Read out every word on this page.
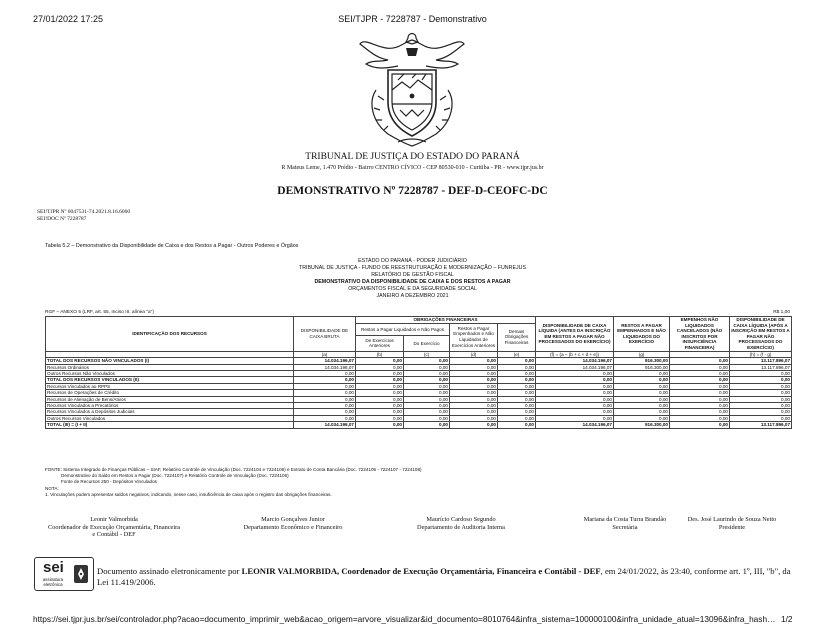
27/01/2022 17:25	SEI/TJPR - 7228787 - Demonstrativo
TRIBUNAL DE JUSTIÇA DO ESTADO DO PARANÁ
R Mateus Leme, 1.470 Prédio - Bairro CENTRO CÍVICO - CEP 80530-010 - Curitiba - PR - www.tjpr.jus.br
DEMONSTRATIVO Nº 7228787 - DEF-D-CEOFC-DC
SEI!TJPR Nº 0047531-74.2021.8.16.6000
SEI!DOC Nº 7228787
Tabela 5.2 – Demonstrativo da Disponibilidade de Caixa e dos Restos a Pagar - Outros Poderes e Órgãos
ESTADO DO PARANÁ - PODER JUDICIÁRIO
TRIBUNAL DE JUSTIÇA - FUNDO DE REESTRUTURAÇÃO E MODERNIZAÇÃO – FUNREJUS
RELATÓRIO DE GESTÃO FISCAL
DEMONSTRATIVO DA DISPONIBILIDADE DE CAIXA E DOS RESTOS A PAGAR
ORÇAMENTOS FISCAL E DA SEGURIDADE SOCIAL
JANEIRO A DEZEMBRO 2021
RGF – ANEXO 5 (LRF, art. 55, Inciso III, alínea "a")	R$ 1,00
IDENTIFICAÇÃO DOS RECURSOS	DISPONIBILIDADE DE CAIXA BRUTA	OBRIGAÇÕES FINANCEIRAS				DISPONIBILIDADE DE CAIXA LÍQUIDA (ANTES DA INSCRIÇÃO EM RESTOS A PAGAR NÃO PROCESSADOS DO EXERCÍCIO)	RESTOS A PAGAR EMPENHADOS E NÃO LIQUIDADOS DO EXERCÍCIO	EMPENHOS NÃO LIQUIDADOS CANCELADOS (NÃO INSCRITOS POR INSUFICIÊNCIA FINANCEIRA)	DISPONIBILIDADE DE CAIXA LÍQUIDA (APÓS A INSCRIÇÃO EM RESTOS A PAGAR NÃO PROCESSADOS DO EXERCÍCIO)
		Restos a Pagar Liquidados e Não Pagos		Restos a Pagar Empenhados e Não Liquidados de Exercícios Anteriores	Demais Obrigações Financeiras				
		De Exercícios Anteriores	Do Exercício						
	(a)	(b)	(c)	(d)	(e)	(f) = (a – (b + c + d + e))	(g)		(h) = (f - g)
TOTAL DOS RECURSOS NÃO VINCULADOS (I)	14.034.196,07	0,00	0,00	0,00	0,00	14.034.196,07	916.300,00	0,00	13.117.896,07
Recursos Ordinários	14.034.196,07	0,00	0,00	0,00	0,00	14.034.196,07	916.300,00	0,00	13.117.896,07
Outros Recursos Não Vinculados	0,00	0,00	0,00	0,00	0,00	0,00	0,00	0,00	0,00
TOTAL DOS RECURSOS VINCULADOS (II)	0,00	0,00	0,00	0,00	0,00	0,00	0,00	0,00	0,00
Recursos Vinculados ao RPPS	0,00	0,00	0,00	0,00	0,00	0,00	0,00	0,00	0,00
Recursos de Operações de Crédito	0,00	0,00	0,00	0,00	0,00	0,00	0,00	0,00	0,00
Recursos de Alienação de Bens/Ativos	0,00	0,00	0,00	0,00	0,00	0,00	0,00	0,00	0,00
Recursos Vinculados a Precatórios	0,00	0,00	0,00	0,00	0,00	0,00	0,00	0,00	0,00
Recursos Vinculados a Depósitos Judiciais	0,00	0,00	0,00	0,00	0,00	0,00	0,00	0,00	0,00
Outros Recursos Vinculados	0,00	0,00	0,00	0,00	0,00	0,00	0,00	0,00	0,00
TOTAL (III) = (I + II)	14.034.196,07	0,00	0,00	0,00	0,00	14.034.196,07	916.300,00	0,00	13.117.896,07
FONTE: Sistema Integrado de Finanças Públicas – SIAF, Relatório Controle de Vinculação (Doc. 7224104 e 7224106) e Extrato de Conta Bancária (Doc. 7224105 - 7224107 - 7224108)
Demonstrativo do Saldo em Restos a Pagar (Doc. 7224107) e Relatório Controle de Vinculação (Doc. 7224106)
Fonte de Recursos 250 - Depósitos Vinculados
NOTA:
1. Vinculações podem apresentar saldos negativos, indicando, nesse caso, insuficiência de caixa após o registro das obrigações financeiras.
Leonir Valmorbida
Coordenador de Execução Orçamentária, Financeira e Contábil - DEF
Marcio Gonçalves Junior
Departamento Econômico e Financeiro
Maurício Cardoso Segundo
Departamento de Auditoria Interna
Mariana da Costa Turra Brandão
Secretária
Des. José Laurindo de Souza Netto
Presidente
sei
assinatura eletrônica
Documento assinado eletronicamente por LEONIR VALMORBIDA, Coordenador de Execução Orçamentária, Financeira e Contábil - DEF, em 24/01/2022, às 23:40, conforme art. 1º, III, "b", da Lei 11.419/2006.
https://sei.tjpr.jus.br/sei/controlador.php?acao=documento_imprimir_web&acao_origem=arvore_visualizar&id_documento=8010764&infra_sistema=100000100&infra_unidade_atual=13096&infra_hash… 1/2
